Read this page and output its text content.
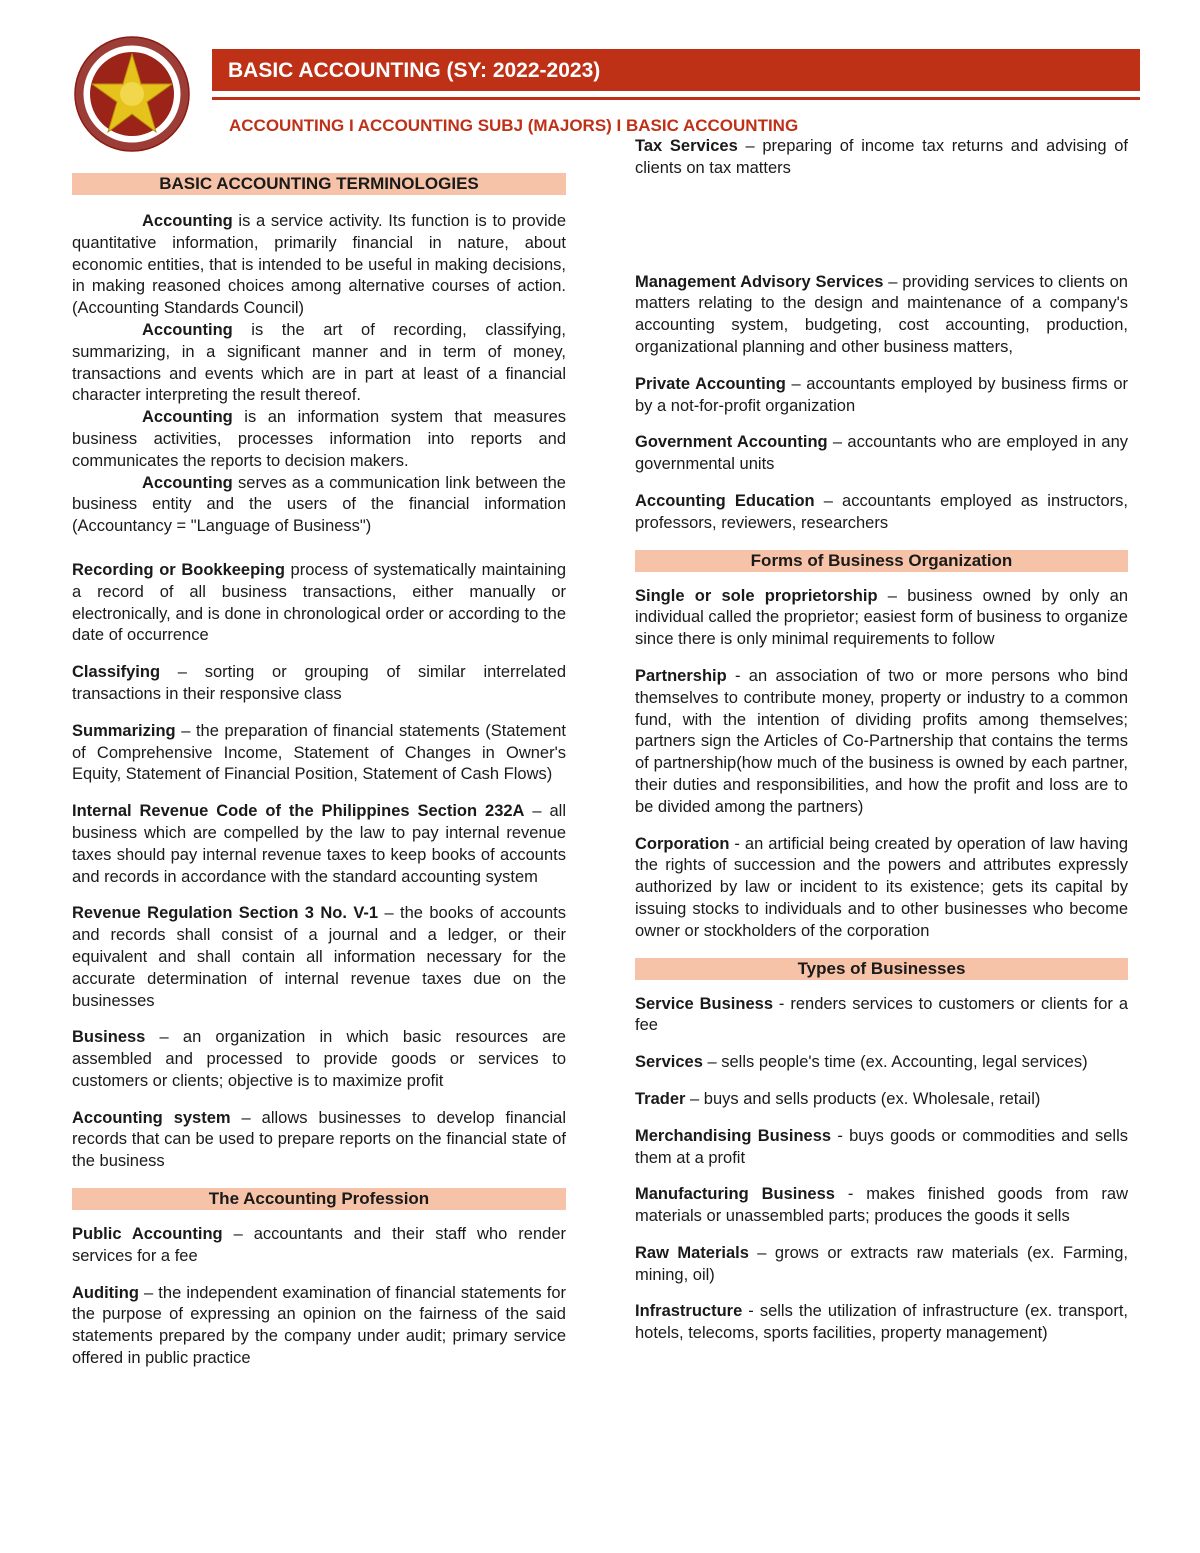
BASIC ACCOUNTING (SY: 2022-2023)
ACCOUNTING I ACCOUNTING SUBJ (MAJORS) I BASIC ACCOUNTING
BASIC ACCOUNTING TERMINOLOGIES

Accounting is a service activity. Its function is to provide quantitative information, primarily financial in nature, about economic entities, that is intended to be useful in making decisions, in making reasoned choices among alternative courses of action. (Accounting Standards Council)

Accounting is the art of recording, classifying, summarizing, in a significant manner and in term of money, transactions and events which are in part at least of a financial character interpreting the result thereof.

Accounting is an information system that measures business activities, processes information into reports and communicates the reports to decision makers.

Accounting serves as a communication link between the business entity and the users of the financial information (Accountancy = "Language of Business")

Recording or Bookkeeping process of systematically maintaining a record of all business transactions, either manually or electronically, and is done in chronological order or according to the date of occurrence

Classifying – sorting or grouping of similar interrelated transactions in their responsive class

Summarizing – the preparation of financial statements (Statement of Comprehensive Income, Statement of Changes in Owner's Equity, Statement of Financial Position, Statement of Cash Flows)

Internal Revenue Code of the Philippines Section 232A – all business which are compelled by the law to pay internal revenue taxes should pay internal revenue taxes to keep books of accounts and records in accordance with the standard accounting system

Revenue Regulation Section 3 No. V-1 – the books of accounts and records shall consist of a journal and a ledger, or their equivalent and shall contain all information necessary for the accurate determination of internal revenue taxes due on the businesses

Business – an organization in which basic resources are assembled and processed to provide goods or services to customers or clients; objective is to maximize profit

Accounting system – allows businesses to develop financial records that can be used to prepare reports on the financial state of the business

The Accounting Profession

Public Accounting – accountants and their staff who render services for a fee

Auditing – the independent examination of financial statements for the purpose of expressing an opinion on the fairness of the said statements prepared by the company under audit; primary service offered in public practice

Tax Services – preparing of income tax returns and advising of clients on tax matters

Management Advisory Services – providing services to clients on matters relating to the design and maintenance of a company's accounting system, budgeting, cost accounting, production, organizational planning and other business matters,

Private Accounting – accountants employed by business firms or by a not-for-profit organization

Government Accounting – accountants who are employed in any governmental units

Accounting Education – accountants employed as instructors, professors, reviewers, researchers

Forms of Business Organization

Single or sole proprietorship – business owned by only an individual called the proprietor; easiest form of business to organize since there is only minimal requirements to follow

Partnership - an association of two or more persons who bind themselves to contribute money, property or industry to a common fund, with the intention of dividing profits among themselves; partners sign the Articles of Co-Partnership that contains the terms of partnership(how much of the business is owned by each partner, their duties and responsibilities, and how the profit and loss are to be divided among the partners)

Corporation - an artificial being created by operation of law having the rights of succession and the powers and attributes expressly authorized by law or incident to its existence; gets its capital by issuing stocks to individuals and to other businesses who become owner or stockholders of the corporation

Types of Businesses

Service Business - renders services to customers or clients for a fee

Services – sells people's time (ex. Accounting, legal services)

Trader – buys and sells products (ex. Wholesale, retail)

Merchandising Business - buys goods or commodities and sells them at a profit

Manufacturing Business - makes finished goods from raw materials or unassembled parts; produces the goods it sells

Raw Materials – grows or extracts raw materials (ex. Farming, mining, oil)

Infrastructure - sells the utilization of infrastructure (ex. transport, hotels, telecoms, sports facilities, property management)
